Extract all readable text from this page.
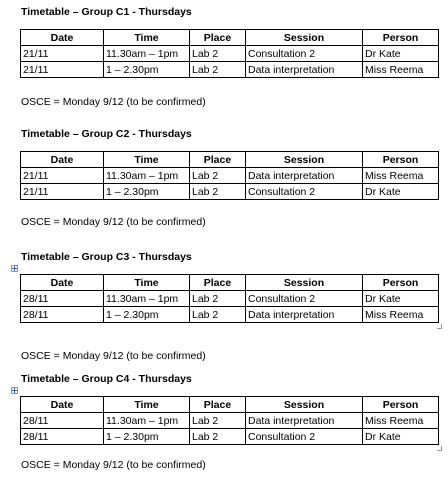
Timetable – Group C1 - Thursdays
Date	Time	Place	Session	Person
21/11	11.30am – 1pm	Lab 2	Consultation 2	Dr Kate
21/11	1 – 2.30pm	Lab 2	Data interpretation	Miss Reema
OSCE = Monday 9/12 (to be confirmed)
Timetable – Group C2 - Thursdays
Date	Time	Place	Session	Person
21/11	11.30am – 1pm	Lab 2	Data interpretation	Miss Reema
21/11	1 – 2.30pm	Lab 2	Consultation 2	Dr Kate
OSCE = Monday 9/12 (to be confirmed)
Timetable – Group C3 - Thursdays
Date	Time	Place	Session	Person
28/11	11.30am – 1pm	Lab 2	Consultation 2	Dr Kate
28/11	1 – 2.30pm	Lab 2	Data interpretation	Miss Reema
OSCE = Monday 9/12 (to be confirmed)
Timetable – Group C4 - Thursdays
Date	Time	Place	Session	Person
28/11	11.30am – 1pm	Lab 2	Data interpretation	Miss Reema
28/11	1 – 2.30pm	Lab 2	Consultation 2	Dr Kate
OSCE = Monday 9/12 (to be confirmed)
